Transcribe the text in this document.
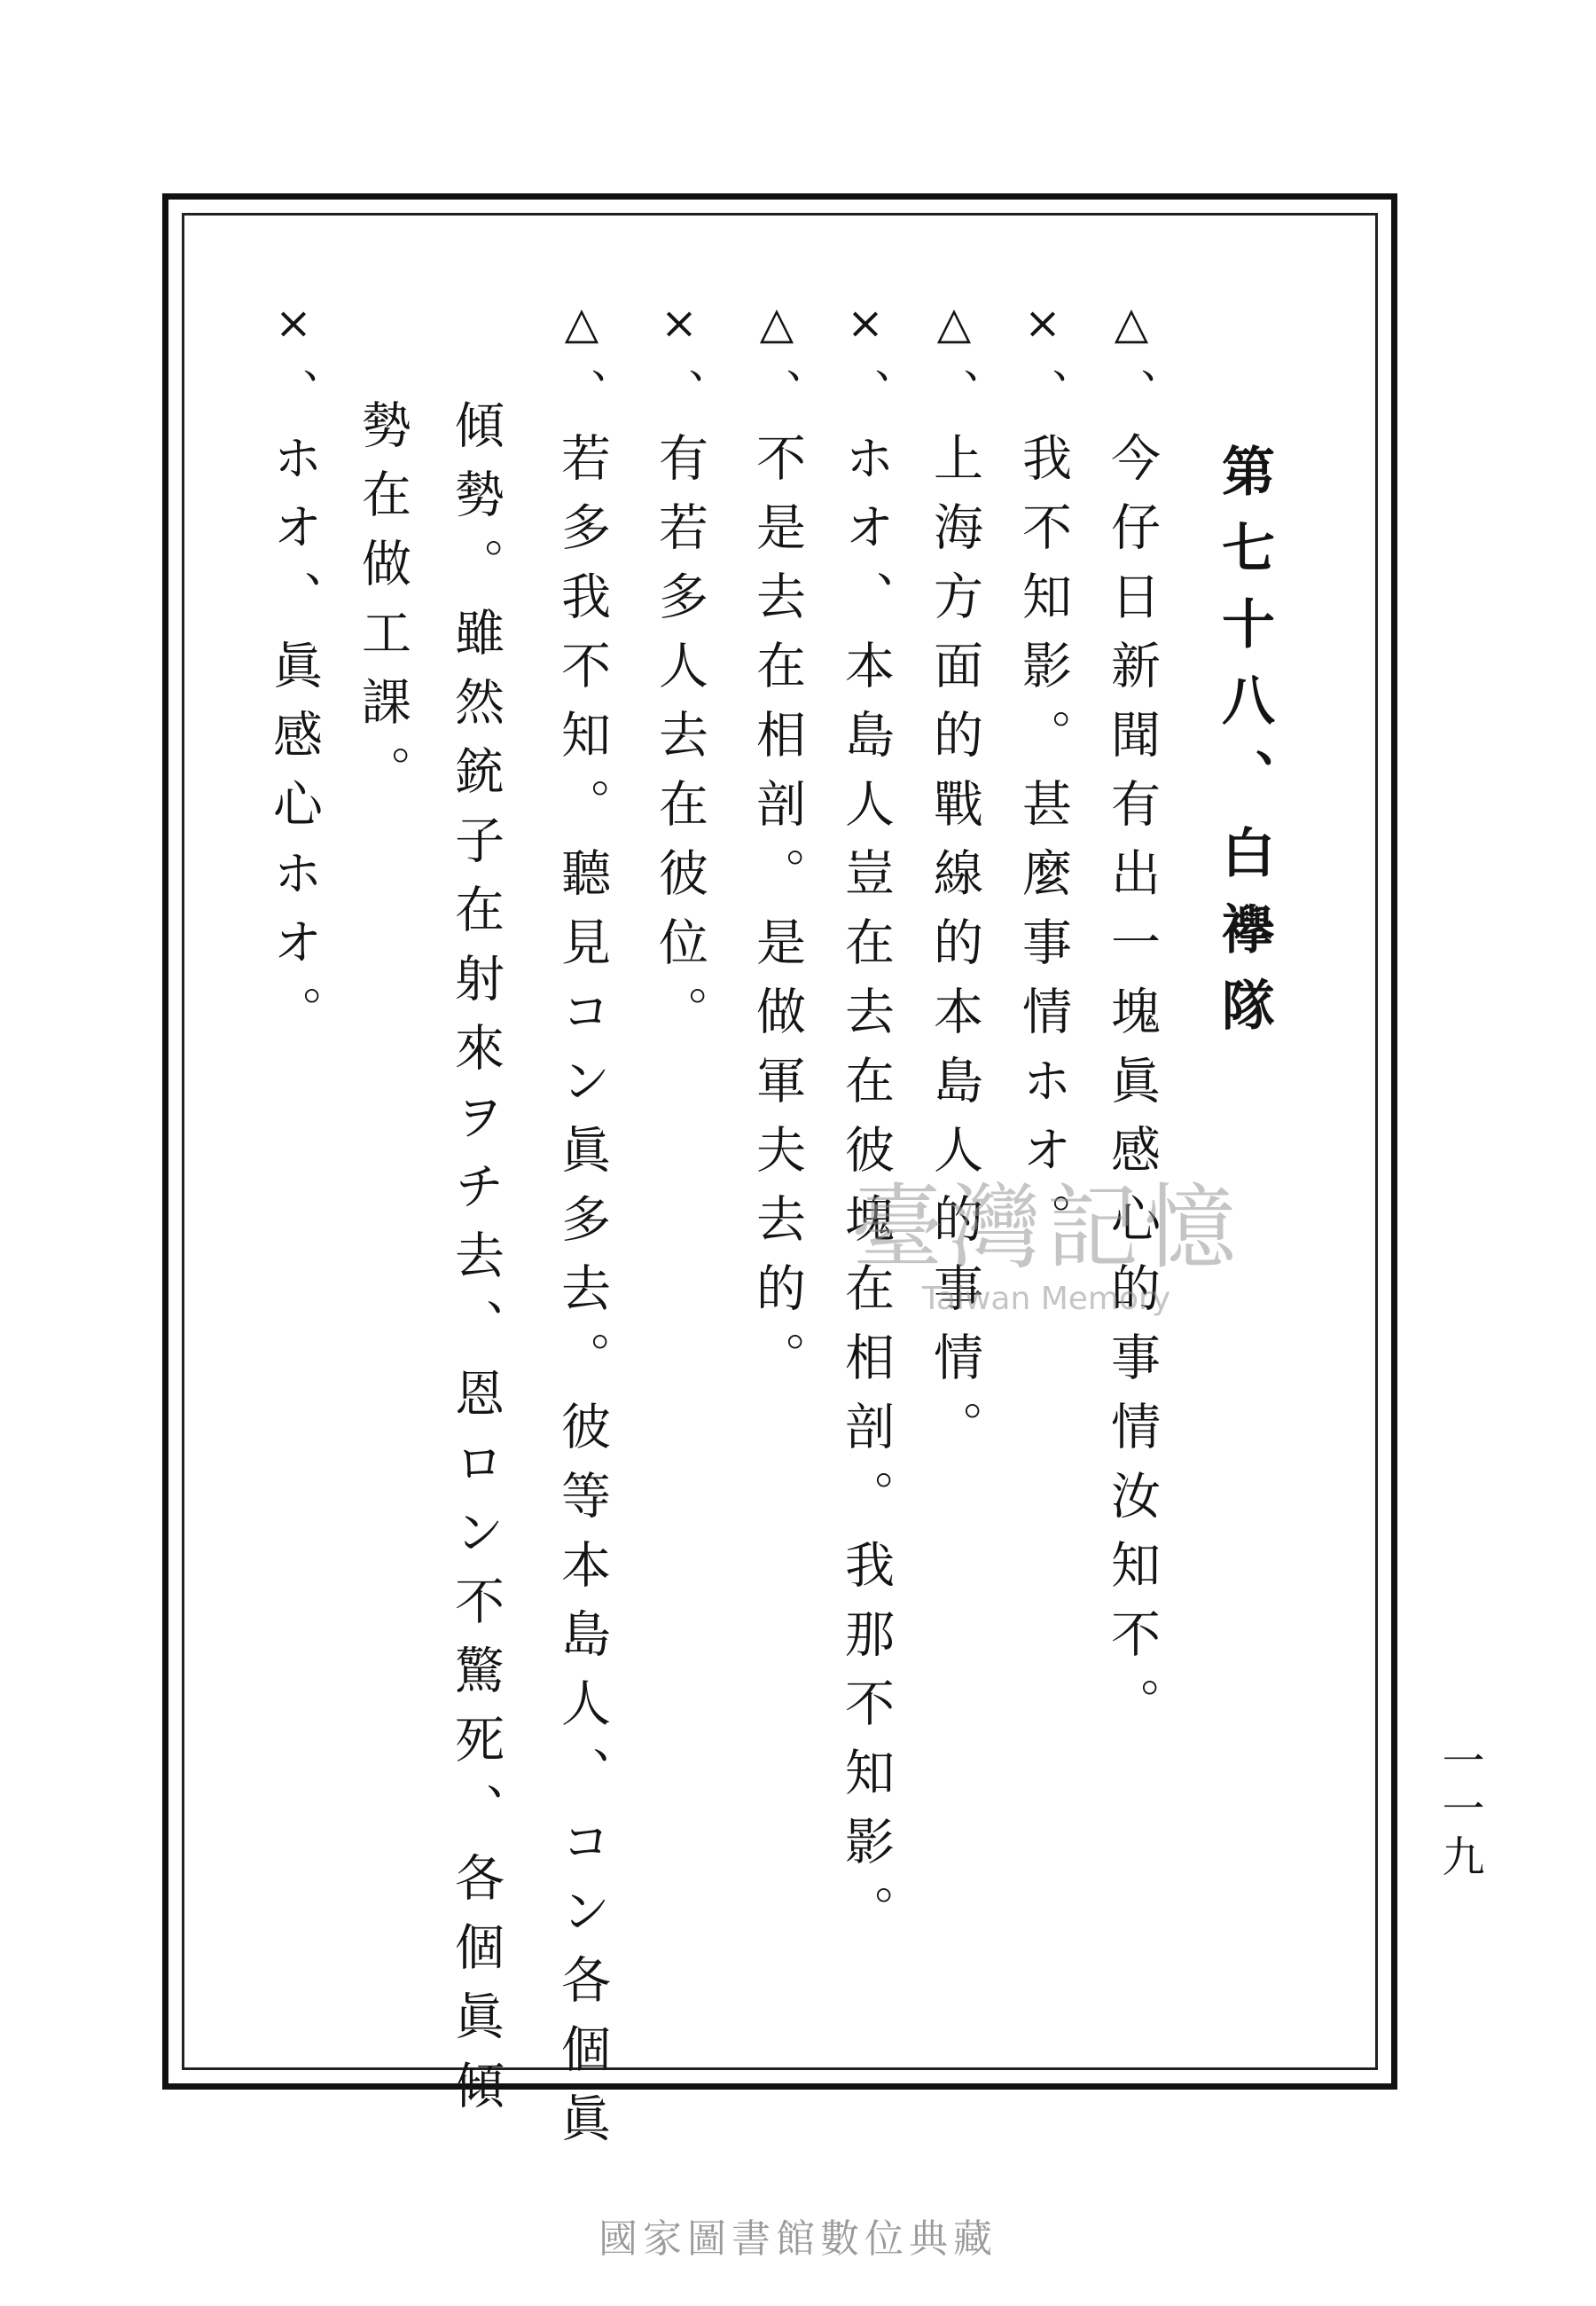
第七十八、白襷隊
△、今仔日新聞有出一塊眞感心的事情汝知不。
×、我不知影。甚麼事情ホオ。
△、上海方面的戰線的本島人的事情。
×、ホオ、本島人豈在去在彼塊在相剖。我那不知影。
△、不是去在相剖。是做軍夫去的。
×、有若多人去在彼位。
△、若多我不知。聽見コン眞多去。彼等本島人、コン各個眞
傾勢。雖然銃子在射來ヲチ去、恩ロン不驚死、各個眞傾
勢在做工課。
×、ホオ、眞感心ホオ。
臺灣記憶
Taiwan Memory
一一九
國家圖書館數位典藏
